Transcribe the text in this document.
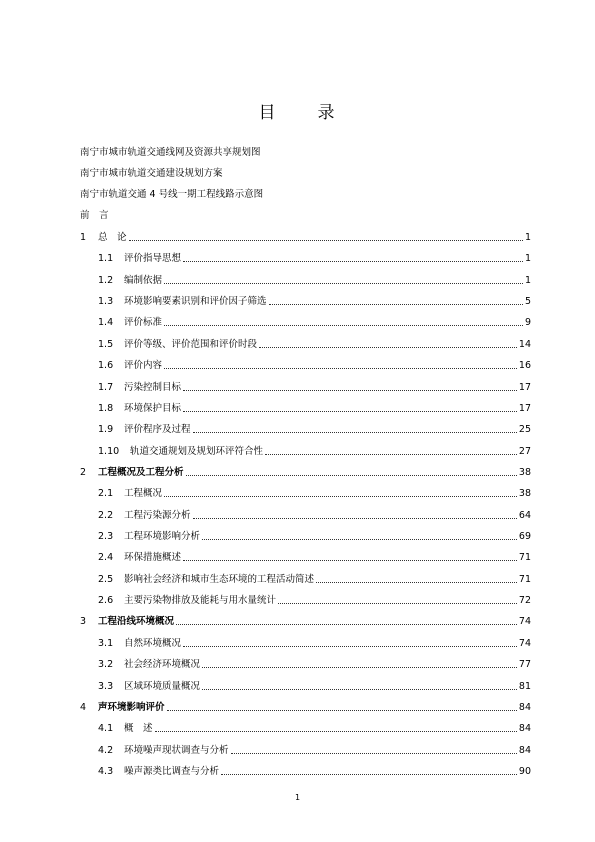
目 录
南宁市城市轨道交通线网及资源共享规划图
南宁市城市轨道交通建设规划方案
南宁市轨道交通 4 号线一期工程线路示意图
前　言
1 总　论	1
1.1 评价指导思想	1
1.2 编制依据	1
1.3 环境影响要素识别和评价因子筛选	5
1.4 评价标准	9
1.5 评价等级、评价范围和评价时段	14
1.6 评价内容	16
1.7 污染控制目标	17
1.8 环境保护目标	17
1.9 评价程序及过程	25
1.10 轨道交通规划及规划环评符合性	27
2 工程概况及工程分析	38
2.1 工程概况	38
2.2 工程污染源分析	64
2.3 工程环境影响分析	69
2.4 环保措施概述	71
2.5 影响社会经济和城市生态环境的工程活动简述	71
2.6 主要污染物排放及能耗与用水量统计	72
3 工程沿线环境概况	74
3.1 自然环境概况	74
3.2 社会经济环境概况	77
3.3 区域环境质量概况	81
4 声环境影响评价	84
4.1 概　述	84
4.2 环境噪声现状调查与分析	84
4.3 噪声源类比调查与分析	90
1
